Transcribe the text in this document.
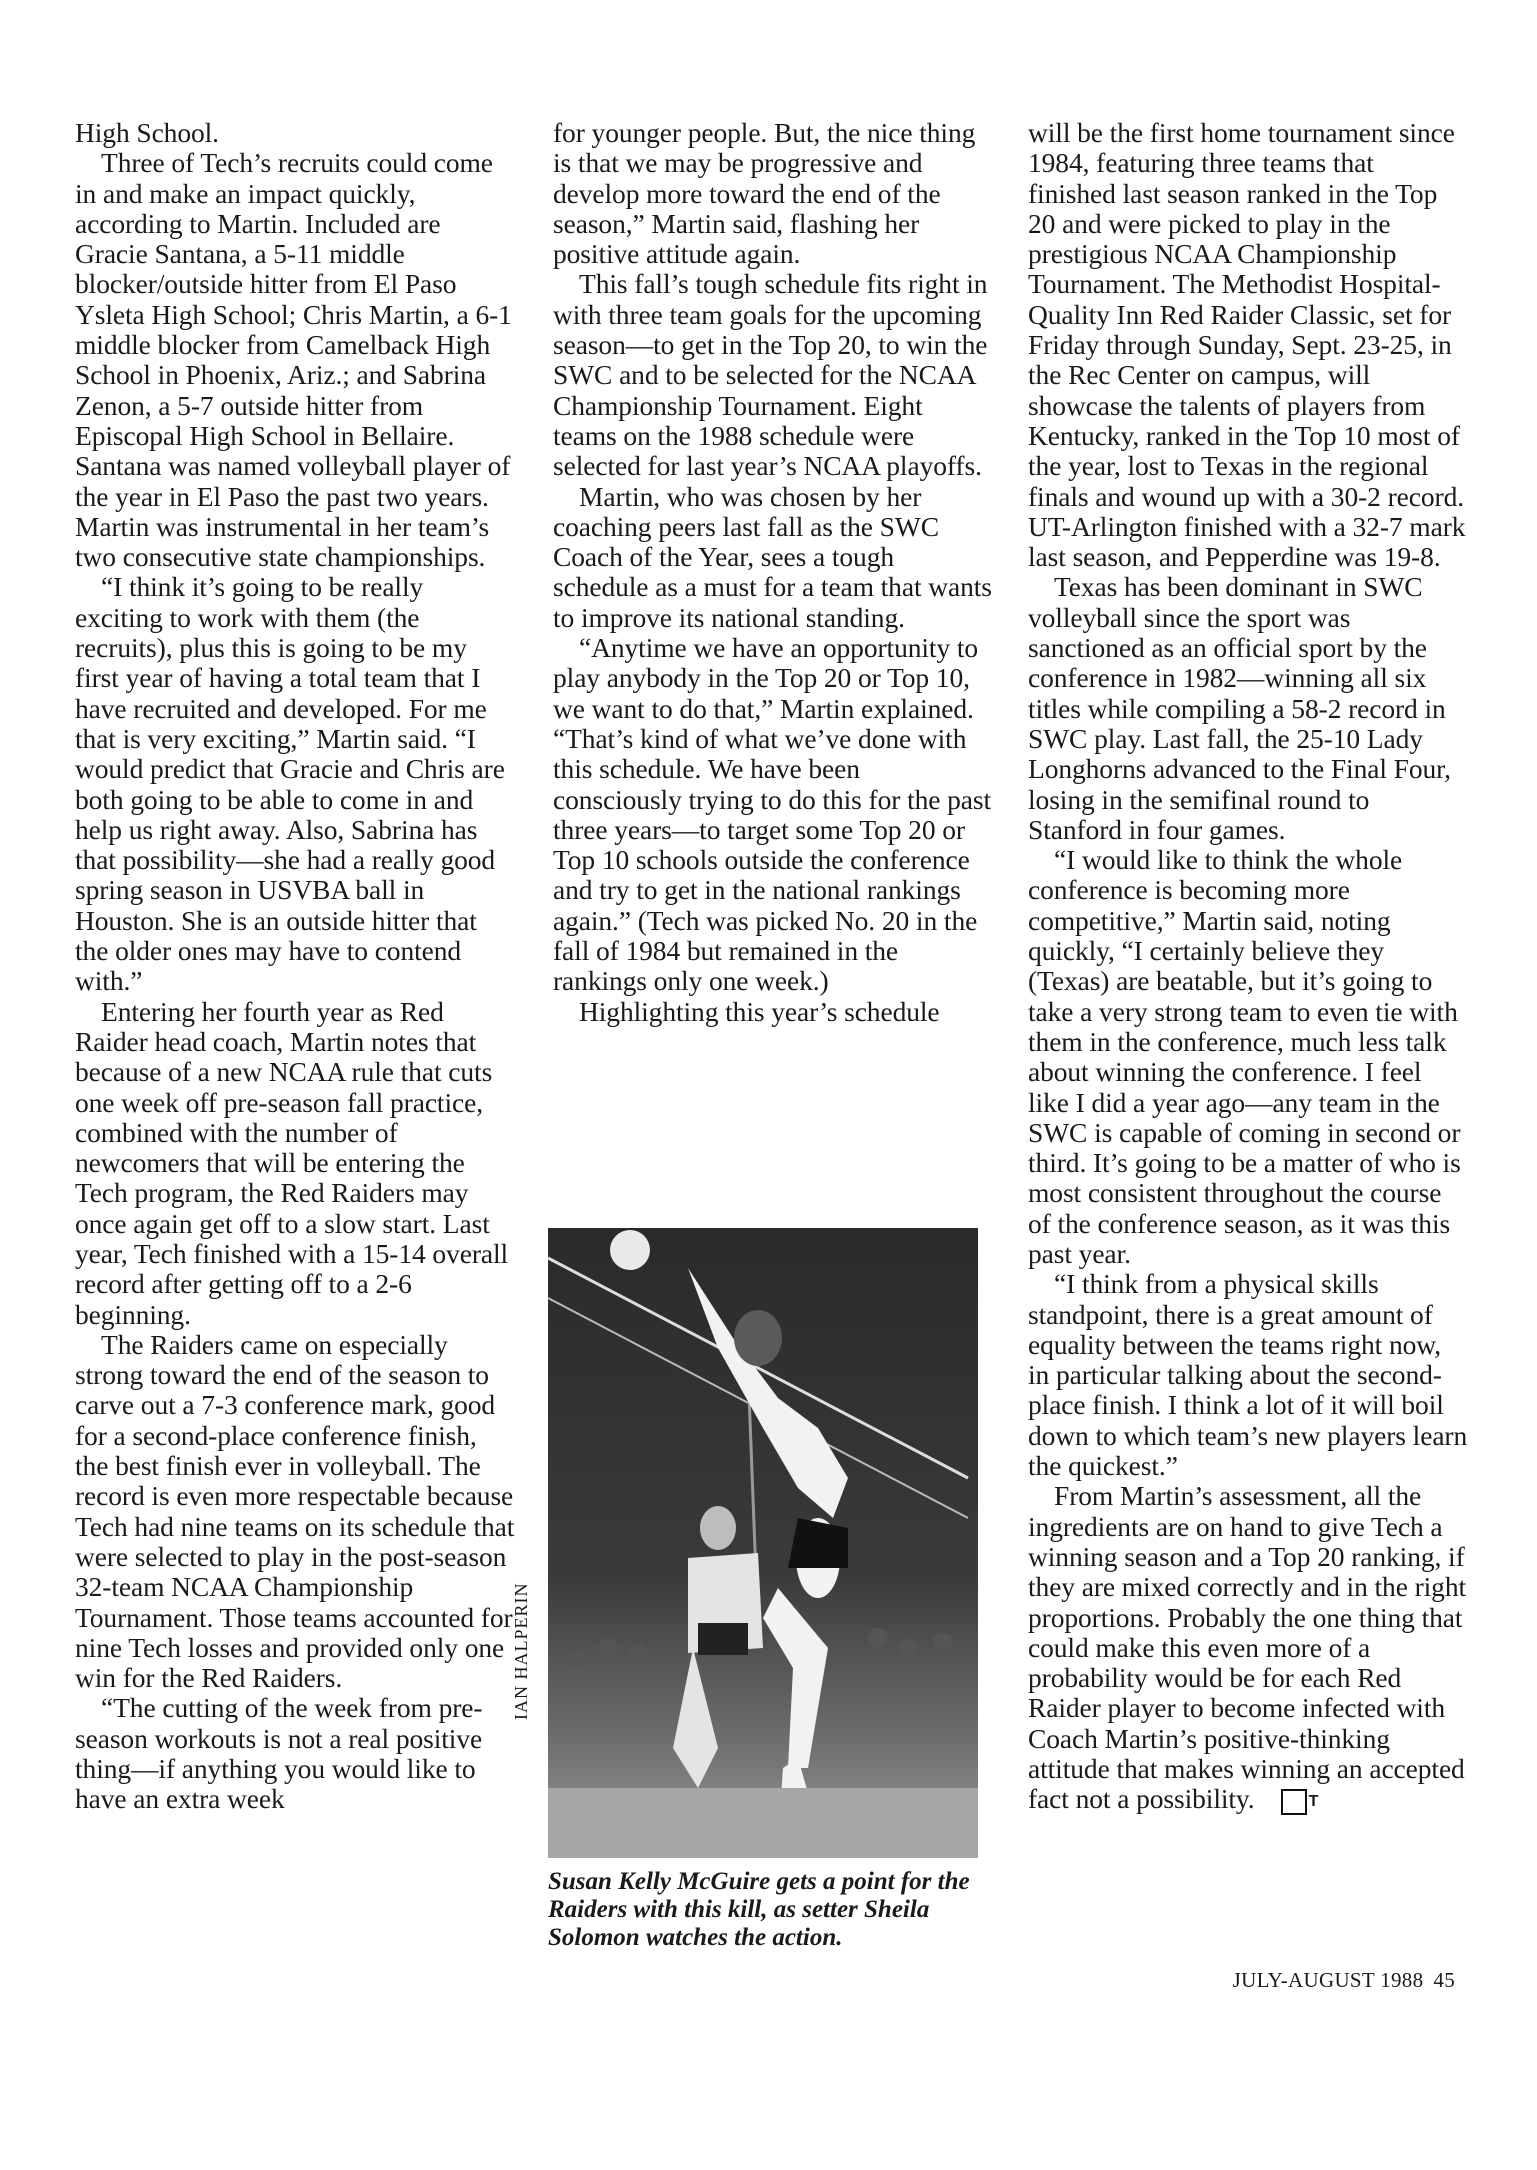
High School.

Three of Tech’s recruits could come in and make an impact quickly, according to Martin. Included are Gracie Santana, a 5-11 middle blocker/outside hitter from El Paso Ysleta High School; Chris Martin, a 6-1 middle blocker from Camelback High School in Phoenix, Ariz.; and Sabrina Zenon, a 5-7 outside hitter from Episcopal High School in Bellaire. Santana was named volleyball player of the year in El Paso the past two years. Martin was instrumental in her team’s two consecutive state championships.

“I think it’s going to be really exciting to work with them (the recruits), plus this is going to be my first year of having a total team that I have recruited and developed. For me that is very exciting,” Martin said. “I would predict that Gracie and Chris are both going to be able to come in and help us right away. Also, Sabrina has that possibility—she had a really good spring season in USVBA ball in Houston. She is an outside hitter that the older ones may have to contend with.”

Entering her fourth year as Red Raider head coach, Martin notes that because of a new NCAA rule that cuts one week off pre-season fall practice, combined with the number of newcomers that will be entering the Tech program, the Red Raiders may once again get off to a slow start. Last year, Tech finished with a 15-14 overall record after getting off to a 2-6 beginning.

The Raiders came on especially strong toward the end of the season to carve out a 7-3 conference mark, good for a second-place conference finish, the best finish ever in volleyball. The record is even more respectable because Tech had nine teams on its schedule that were selected to play in the post-season 32-team NCAA Championship Tournament. Those teams accounted for nine Tech losses and provided only one win for the Red Raiders.

“The cutting of the week from pre-season workouts is not a real positive thing—if anything you would like to have an extra week

for younger people. But, the nice thing is that we may be progressive and develop more toward the end of the season,” Martin said, flashing her positive attitude again.

This fall’s tough schedule fits right in with three team goals for the upcoming season—to get in the Top 20, to win the SWC and to be selected for the NCAA Championship Tournament. Eight teams on the 1988 schedule were selected for last year’s NCAA playoffs.

Martin, who was chosen by her coaching peers last fall as the SWC Coach of the Year, sees a tough schedule as a must for a team that wants to improve its national standing.

“Anytime we have an opportunity to play anybody in the Top 20 or Top 10, we want to do that,” Martin explained. “That’s kind of what we’ve done with this schedule. We have been consciously trying to do this for the past three years—to target some Top 20 or Top 10 schools outside the conference and try to get in the national rankings again.” (Tech was picked No. 20 in the fall of 1984 but remained in the rankings only one week.)

Highlighting this year’s schedule

will be the first home tournament since 1984, featuring three teams that finished last season ranked in the Top 20 and were picked to play in the prestigious NCAA Championship Tournament. The Methodist Hospital-Quality Inn Red Raider Classic, set for Friday through Sunday, Sept. 23-25, in the Rec Center on campus, will showcase the talents of players from Kentucky, ranked in the Top 10 most of the year, lost to Texas in the regional finals and wound up with a 30-2 record. UT-Arlington finished with a 32-7 mark last season, and Pepperdine was 19-8.

Texas has been dominant in SWC volleyball since the sport was sanctioned as an official sport by the conference in 1982—winning all six titles while compiling a 58-2 record in SWC play. Last fall, the 25-10 Lady Longhorns advanced to the Final Four, losing in the semifinal round to Stanford in four games.

“I would like to think the whole conference is becoming more competitive,” Martin said, noting quickly, “I certainly believe they (Texas) are beatable, but it’s going to take a very strong team to even tie with them in the conference, much less talk about winning the conference. I feel like I did a year ago—any team in the SWC is capable of coming in second or third. It’s going to be a matter of who is most consistent throughout the course of the conference season, as it was this past year.

“I think from a physical skills standpoint, there is a great amount of equality between the teams right now, in particular talking about the second-place finish. I think a lot of it will boil down to which team’s new players learn the quickest.”

From Martin’s assessment, all the ingredients are on hand to give Tech a winning season and a Top 20 ranking, if they are mixed correctly and in the right proportions. Probably the one thing that could make this even more of a probability would be for each Red Raider player to become infected with Coach Martin’s positive-thinking attitude that makes winning an accepted fact not a possibility.	T

IAN HALPERIN
Susan Kelly McGuire gets a point for the Raiders with this kill, as setter Sheila Solomon watches the action.
JULY-AUGUST 1988 45
